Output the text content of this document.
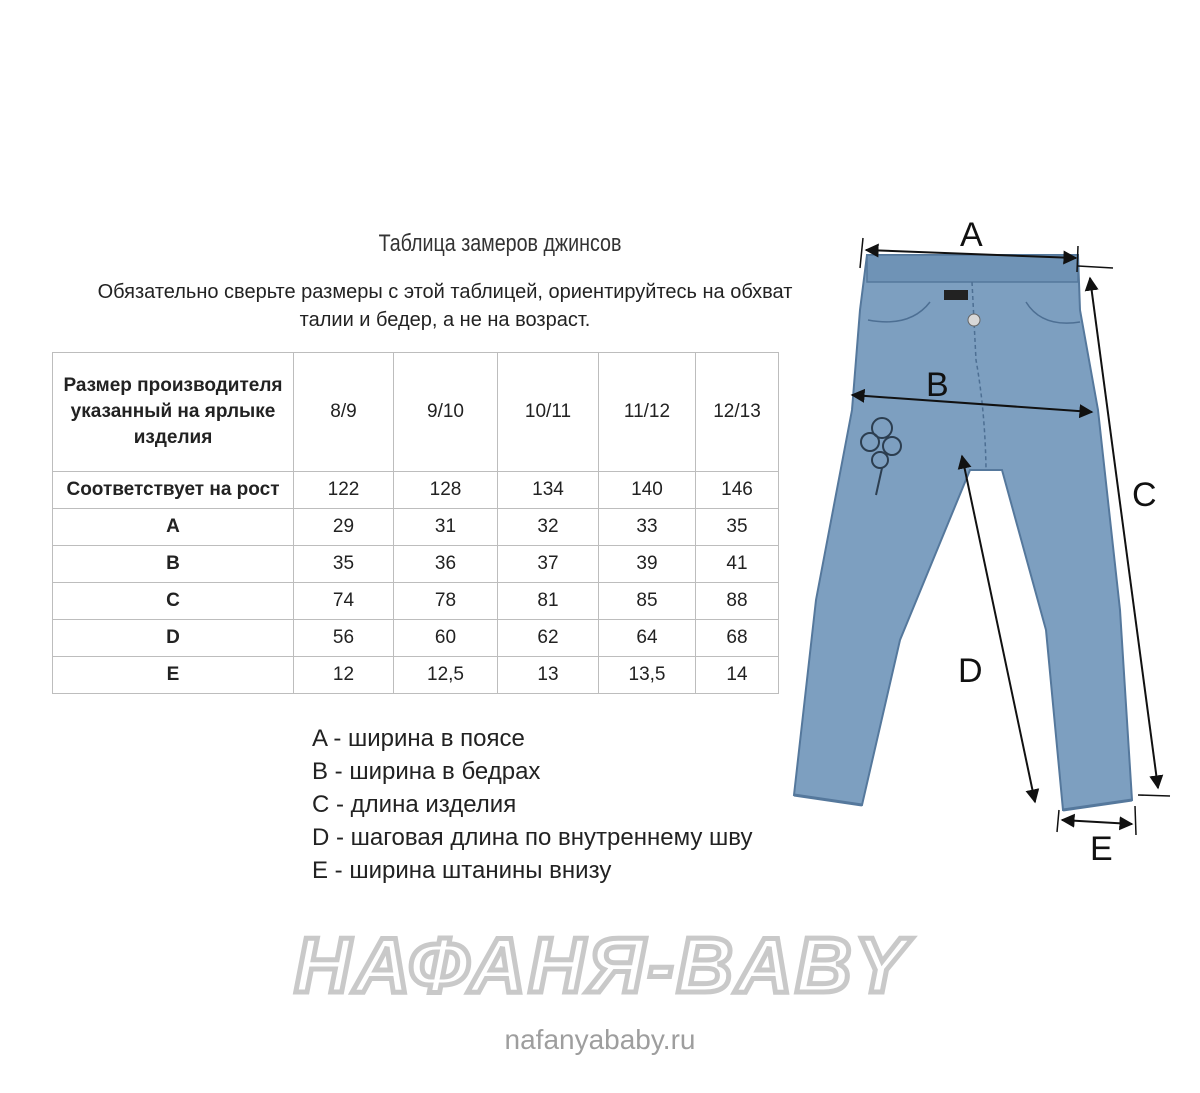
Таблица замеров джинсов
Обязательно сверьте размеры с этой таблицей, ориентируйтесь на обхват
талии и бедер, а не на возраст.
Размер производителя указанный на ярлыке изделия	8/9	9/10	10/11	11/12	12/13
Соответствует на рост	122	128	134	140	146
A	29	31	32	33	35
B	35	36	37	39	41
C	74	78	81	85	88
D	56	60	62	64	68
E	12	12,5	13	13,5	14
A - ширина в поясе
B - ширина в бедрах
C - длина изделия
D - шаговая длина по внутреннему шву
E - ширина штанины внизу
A
B
C
D
E
НАФАНЯ-BABY
nafanyababy.ru
